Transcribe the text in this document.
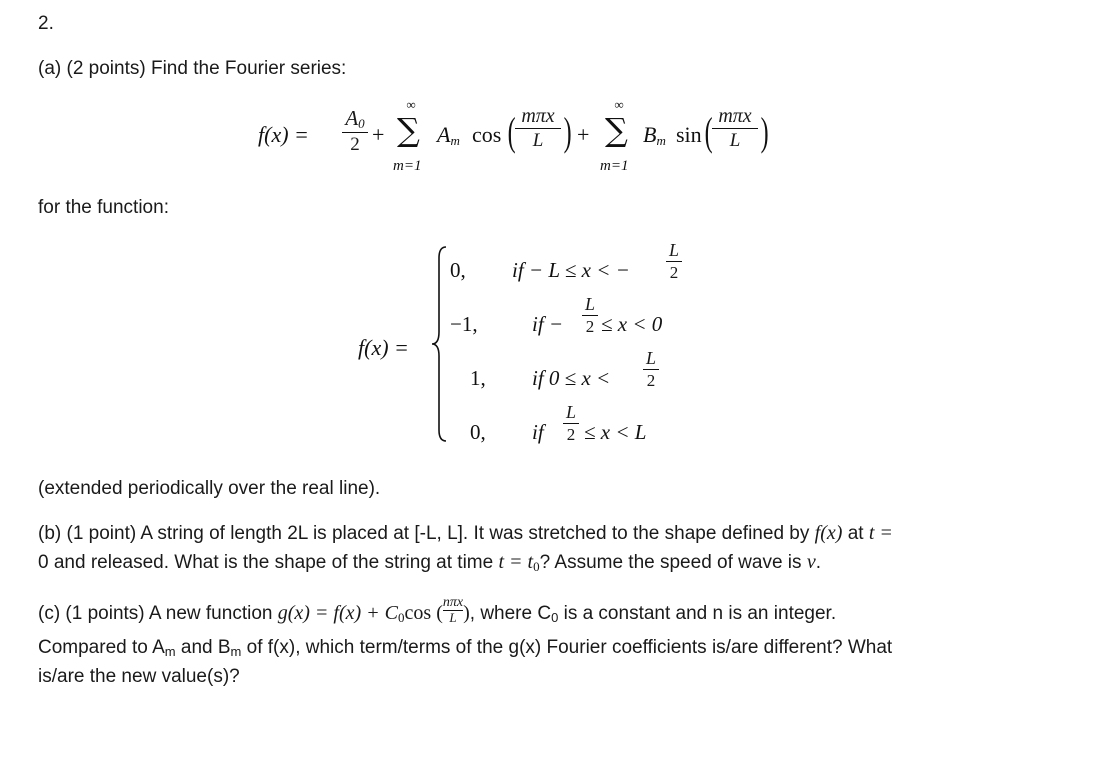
2.
(a) (2 points) Find the Fourier series:
f(x) =
$A_0$
2 +
∞
∑
m=1
$A_m$ cos ( mπx
L ) +
∞
∑
m=1
$B_m$ sin ( mπx
L )
for the function:
f(x) =
0, if − L ≤ x < −
L
2
−1,	if −
L
2 ≤ x < 0
1, if 0 ≤ x <
L
2
0, if
L
2 ≤ x < L
(extended periodically over the real line).
(b) (1 point) A string of length 2L is placed at [-L, L]. It was stretched to the shape defined by f(x) at t =
0 and released. What is the shape of the string at time $t = t_0$? Assume the speed of wave is v.
(c) (1 points) A new function $g(x) = f(x) + C_0\cos$ ( nπx
L ), where $C_0$ is a constant and n is an integer.
Compared to $A_m$ and $B_m$ of f(x), which term/terms of the g(x) Fourier coefficients is/are different? What
is/are the new value(s)?
